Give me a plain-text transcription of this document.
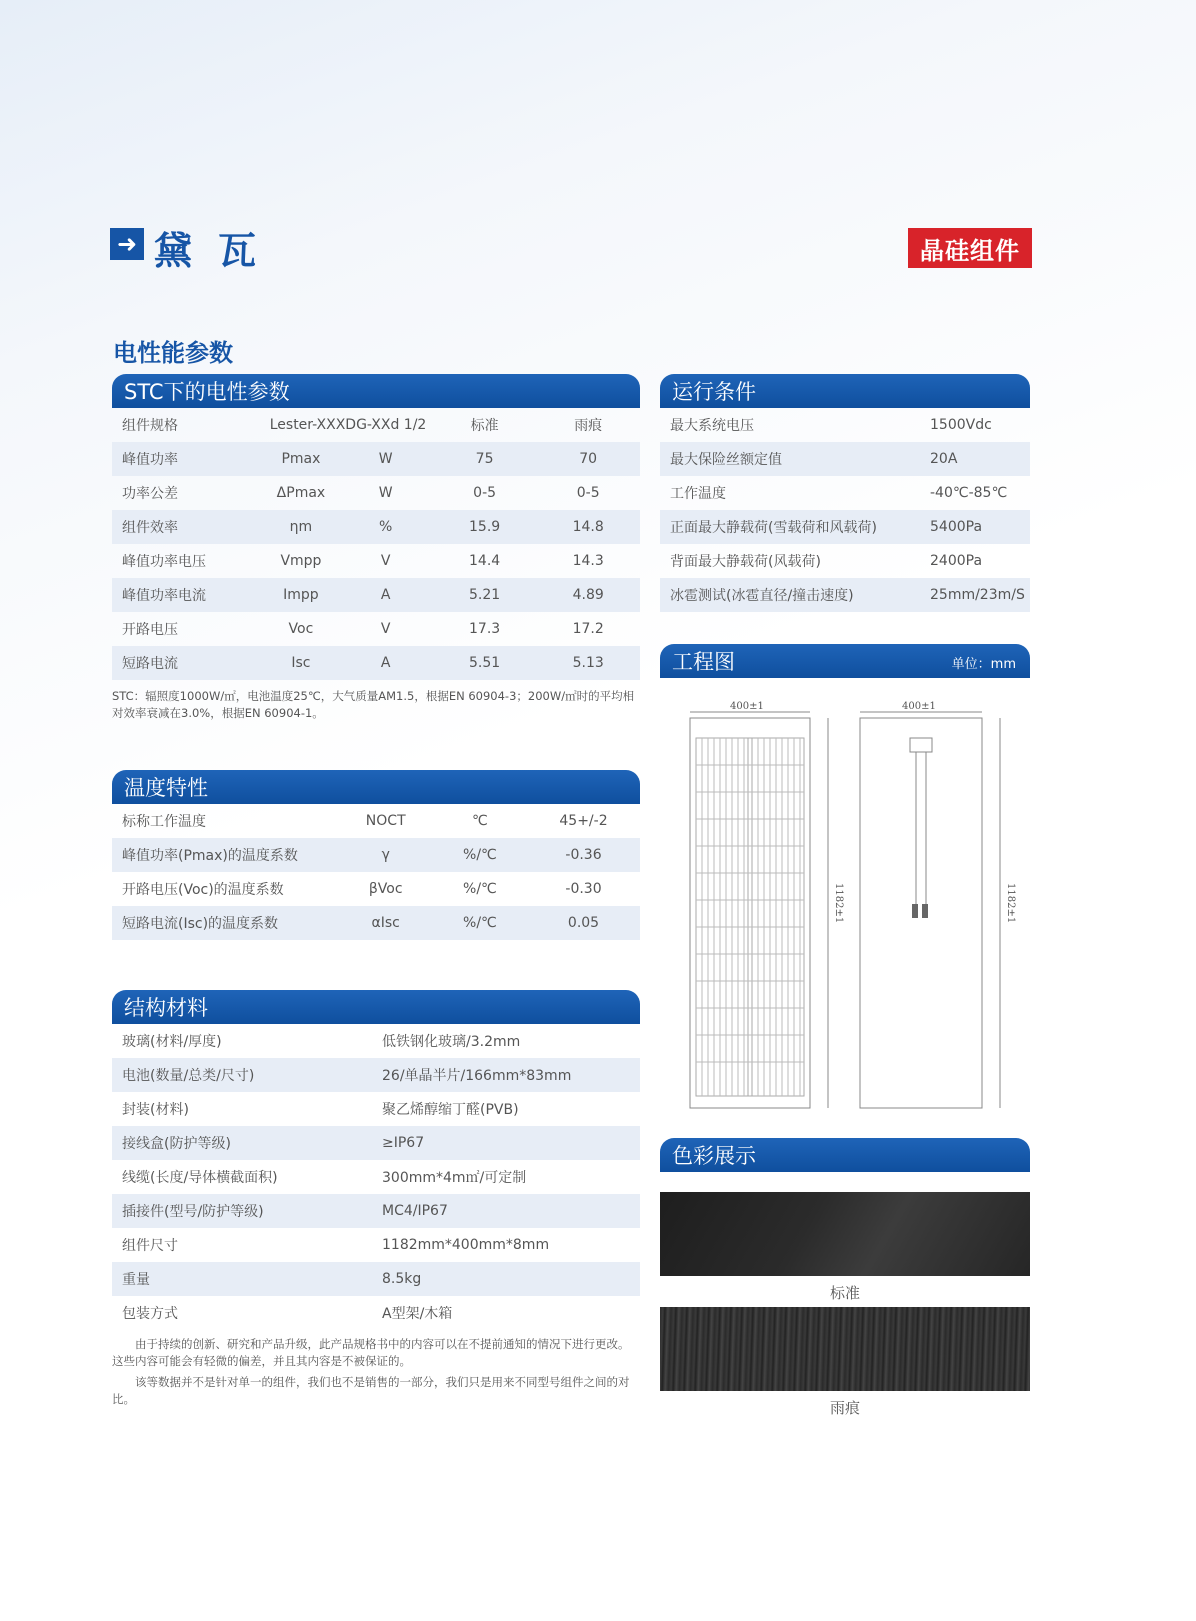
➜ 黛瓦	晶硅组件
电性能参数
STC下的电性参数
组件规格	Lester-XXXDG-XXd 1/2	标准	雨痕
峰值功率	Pmax	W	75	70
功率公差	ΔPmax	W	0-5	0-5
组件效率	ηm	%	15.9	14.8
峰值功率电压	Vmpp	V	14.4	14.3
峰值功率电流	Impp	A	5.21	4.89
开路电压	Voc	V	17.3	17.2
短路电流	Isc	A	5.51	5.13
STC：辐照度1000W/㎡，电池温度25℃，大气质量AM1.5，根据EN 60904-3；200W/㎡时的平均相对效率衰减在3.0%，根据EN 60904-1。
温度特性
标称工作温度	NOCT	℃	45+/-2
峰值功率(Pmax)的温度系数	γ	%/℃	-0.36
开路电压(Voc)的温度系数	βVoc	%/℃	-0.30
短路电流(Isc)的温度系数	αIsc	%/℃	0.05
结构材料
玻璃(材料/厚度)	低铁钢化玻璃/3.2mm
电池(数量/总类/尺寸)	26/单晶半片/166mm*83mm
封装(材料)	聚乙烯醇缩丁醛(PVB)
接线盒(防护等级)	≥IP67
线缆(长度/导体横截面积)	300mm*4m㎡/可定制
插接件(型号/防护等级)	MC4/IP67
组件尺寸	1182mm*400mm*8mm
重量	8.5kg
包装方式	A型架/木箱
由于持续的创新、研究和产品升级，此产品规格书中的内容可以在不提前通知的情况下进行更改。这些内容可能会有轻微的偏差，并且其内容是不被保证的。
该等数据并不是针对单一的组件，我们也不是销售的一部分，我们只是用来不同型号组件之间的对比。
运行条件
最大系统电压	1500Vdc
最大保险丝额定值	20A
工作温度	-40℃-85℃
正面最大静载荷(雪载荷和风载荷)	5400Pa
背面最大静载荷(风载荷)	2400Pa
冰雹测试(冰雹直径/撞击速度)	25mm/23m/S
工程图	单位：mm
400±1	400±1
1182±1	1182±1
色彩展示
标准
雨痕
